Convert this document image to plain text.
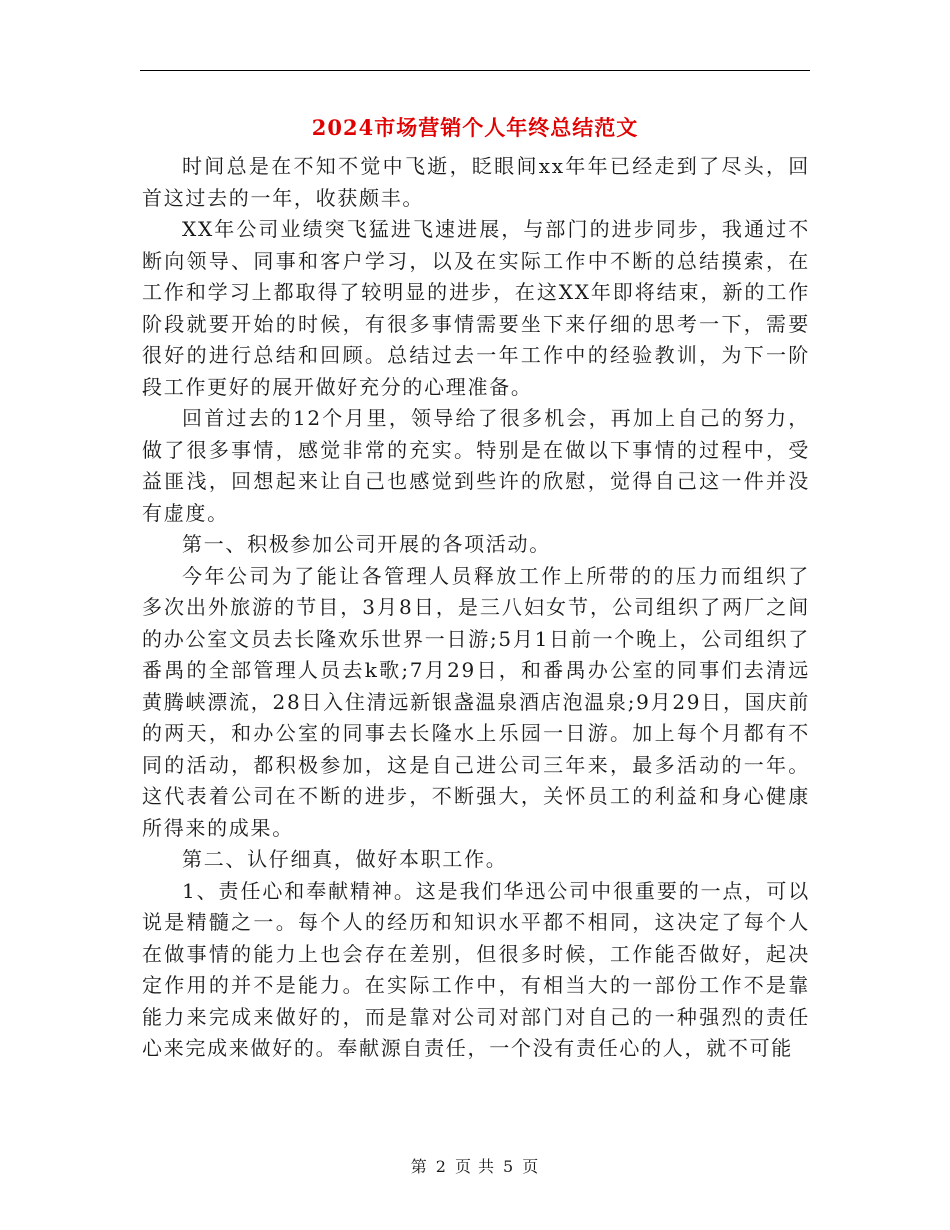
2024市场营销个人年终总结范文

时间总是在不知不觉中飞逝，眨眼间xx年年已经走到了尽头，回首这过去的一年，收获颇丰。

XX年公司业绩突飞猛进飞速进展，与部门的进步同步，我通过不断向领导、同事和客户学习，以及在实际工作中不断的总结摸索，在工作和学习上都取得了较明显的进步，在这XX年即将结束，新的工作阶段就要开始的时候，有很多事情需要坐下来仔细的思考一下，需要很好的进行总结和回顾。总结过去一年工作中的经验教训，为下一阶段工作更好的展开做好充分的心理准备。

回首过去的12个月里，领导给了很多机会，再加上自己的努力，做了很多事情，感觉非常的充实。特别是在做以下事情的过程中，受益匪浅，回想起来让自己也感觉到些许的欣慰，觉得自己这一件并没有虚度。

第一、积极参加公司开展的各项活动。

今年公司为了能让各管理人员释放工作上所带的的压力而组织了多次出外旅游的节目，3月8日，是三八妇女节，公司组织了两厂之间的办公室文员去长隆欢乐世界一日游;5月1日前一个晚上，公司组织了番禺的全部管理人员去k歌;7月29日，和番禺办公室的同事们去清远黄腾峡漂流，28日入住清远新银盏温泉酒店泡温泉;9月29日，国庆前的两天，和办公室的同事去长隆水上乐园一日游。加上每个月都有不同的活动，都积极参加，这是自己进公司三年来，最多活动的一年。这代表着公司在不断的进步，不断强大，关怀员工的利益和身心健康所得来的成果。

第二、认仔细真，做好本职工作。

1、责任心和奉献精神。这是我们华迅公司中很重要的一点，可以说是精髓之一。每个人的经历和知识水平都不相同，这决定了每个人在做事情的能力上也会存在差别，但很多时候，工作能否做好，起决定作用的并不是能力。在实际工作中，有相当大的一部份工作不是靠能力来完成来做好的，而是靠对公司对部门对自己的一种强烈的责任心来完成来做好的。奉献源自责任，一个没有责任心的人，就不可能

第 2 页 共 5 页
